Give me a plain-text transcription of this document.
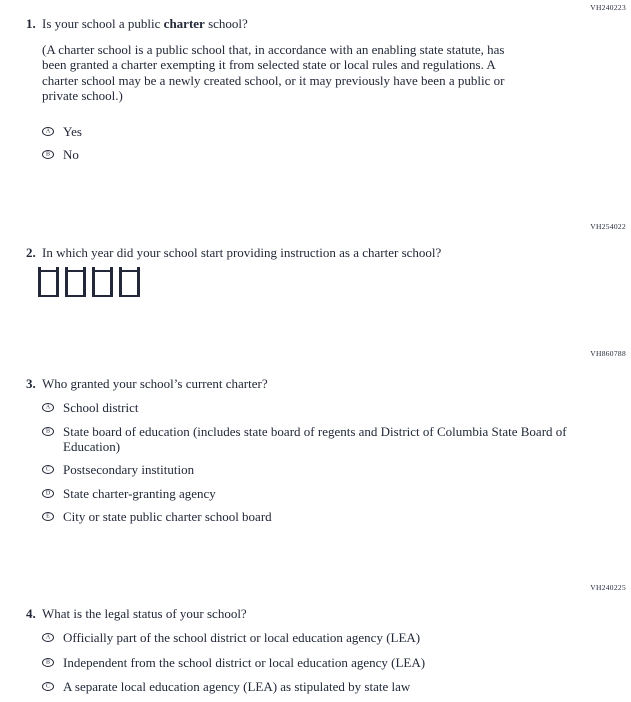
VH240223
VH254022
VH860788
VH240225
1. Is your school a public charter school?
(A charter school is a public school that, in accordance with an enabling state statute, has been granted a charter exempting it from selected state or local rules and regulations. A charter school may be a newly created school, or it may previously have been a public or private school.)
A Yes
B No
2. In which year did your school start providing instruction as a charter school?
3. Who granted your school’s current charter?
A School district
B State board of education (includes state board of regents and District of Columbia State Board of Education)
C Postsecondary institution
D State charter-granting agency
E City or state public charter school board
4. What is the legal status of your school?
A Officially part of the school district or local education agency (LEA)
B Independent from the school district or local education agency (LEA)
C A separate local education agency (LEA) as stipulated by state law
